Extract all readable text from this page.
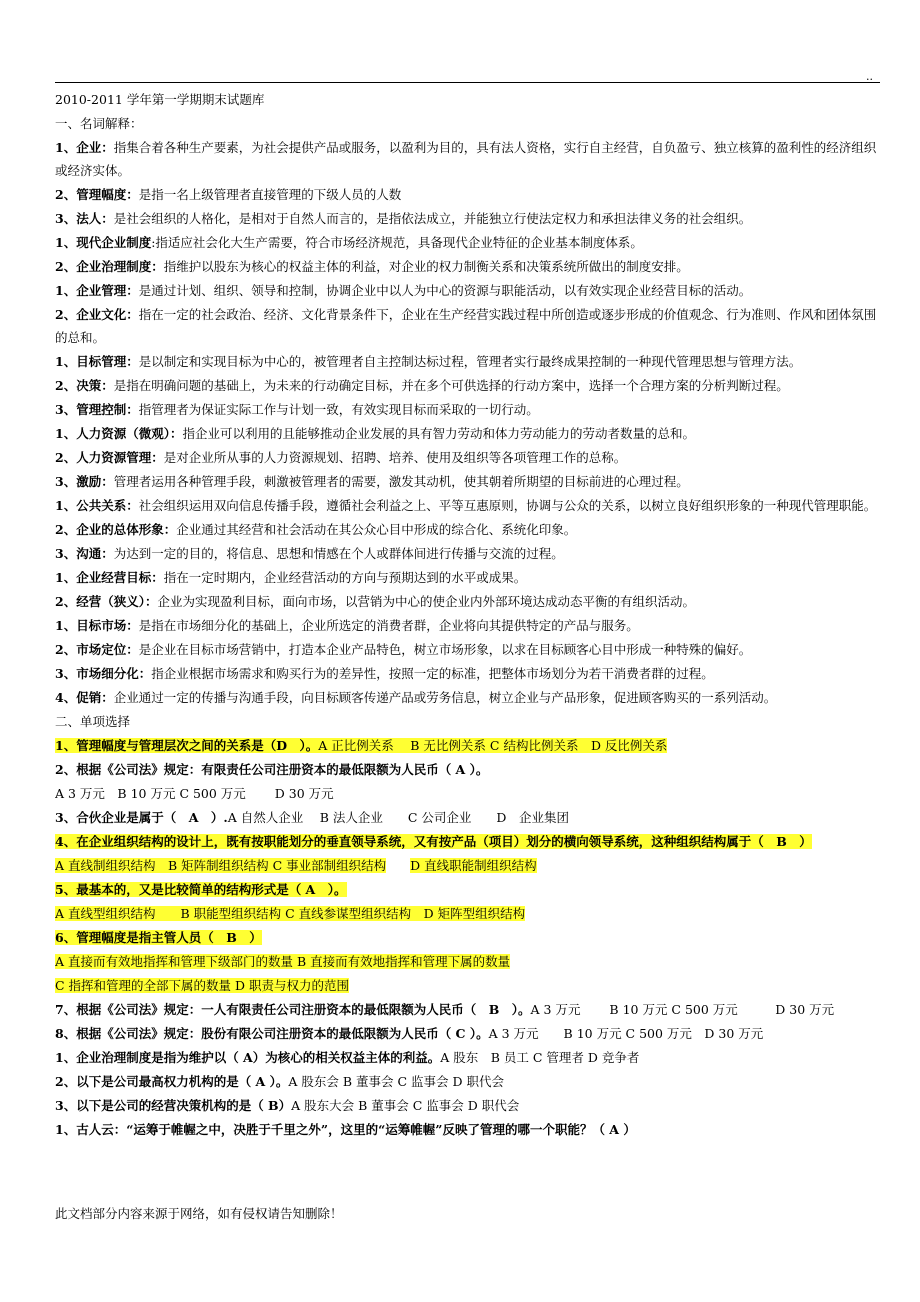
..
2010-2011 学年第一学期期末试题库
一、名词解释：
1、企业：指集合着各种生产要素，为社会提供产品或服务，以盈利为目的，具有法人资格，实行自主经营，自负盈亏、独立核算的盈利性的经济组织或经济实体。
2、管理幅度：是指一名上级管理者直接管理的下级人员的人数
3、法人：是社会组织的人格化，是相对于自然人而言的，是指依法成立，并能独立行使法定权力和承担法律义务的社会组织。
1、现代企业制度:指适应社会化大生产需要，符合市场经济规范，具备现代企业特征的企业基本制度体系。
2、企业治理制度：指维护以股东为核心的权益主体的利益，对企业的权力制衡关系和决策系统所做出的制度安排。
1、企业管理：是通过计划、组织、领导和控制，协调企业中以人为中心的资源与职能活动，以有效实现企业经营目标的活动。
2、企业文化：指在一定的社会政治、经济、文化背景条件下，企业在生产经营实践过程中所创造或逐步形成的价值观念、行为准则、作风和团体氛围的总和。
1、目标管理：是以制定和实现目标为中心的，被管理者自主控制达标过程，管理者实行最终成果控制的一种现代管理思想与管理方法。
2、决策：是指在明确问题的基础上，为未来的行动确定目标，并在多个可供选择的行动方案中，选择一个合理方案的分析判断过程。
3、管理控制：指管理者为保证实际工作与计划一致，有效实现目标而采取的一切行动。
1、人力资源（微观）：指企业可以利用的且能够推动企业发展的具有智力劳动和体力劳动能力的劳动者数量的总和。
2、人力资源管理：是对企业所从事的人力资源规划、招聘、培养、使用及组织等各项管理工作的总称。
3、激励：管理者运用各种管理手段，刺激被管理者的需要，激发其动机，使其朝着所期望的目标前进的心理过程。
1、公共关系：社会组织运用双向信息传播手段，遵循社会利益之上、平等互惠原则，协调与公众的关系，以树立良好组织形象的一种现代管理职能。
2、企业的总体形象：企业通过其经营和社会活动在其公众心目中形成的综合化、系统化印象。
3、沟通：为达到一定的目的，将信息、思想和情感在个人或群体间进行传播与交流的过程。
1、企业经营目标：指在一定时期内，企业经营活动的方向与预期达到的水平或成果。
2、经营（狭义）：企业为实现盈利目标，面向市场，以营销为中心的使企业内外部环境达成动态平衡的有组织活动。
1、目标市场：是指在市场细分化的基础上，企业所选定的消费者群，企业将向其提供特定的产品与服务。
2、市场定位：是企业在目标市场营销中，打造本企业产品特色，树立市场形象，以求在目标顾客心目中形成一种特殊的偏好。
3、市场细分化：指企业根据市场需求和购买行为的差异性，按照一定的标准，把整体市场划分为若干消费者群的过程。
4、促销：企业通过一定的传播与沟通手段，向目标顾客传递产品或劳务信息，树立企业与产品形象，促进顾客购买的一系列活动。
二、单项选择
1、管理幅度与管理层次之间的关系是（D　）。A 正比例关系　 B 无比例关系 C 结构比例关系　D 反比例关系
2、根据《公司法》规定：有限责任公司注册资本的最低限额为人民币（ A ）。
A 3 万元　B 10 万元 C 500 万元　　 D 30 万元
3、合伙企业是属于（　A　）.A 自然人企业　 B 法人企业　　C 公司企业　　D　企业集团
4、在企业组织结构的设计上，既有按职能划分的垂直领导系统，又有按产品（项目）划分的横向领导系统，这种组织结构属于（　B　）
A 直线制组织结构　B 矩阵制组织结构 C 事业部制组织结构 D 直线职能制组织结构
5、最基本的，又是比较简单的结构形式是（ A　）。
A 直线型组织结构　　B 职能型组织结构 C 直线参谋型组织结构　D 矩阵型组织结构
6、管理幅度是指主管人员（　B　）
A 直接而有效地指挥和管理下级部门的数量 B 直接而有效地指挥和管理下属的数量
C 指挥和管理的全部下属的数量 D 职责与权力的范围
7、根据《公司法》规定：一人有限责任公司注册资本的最低限额为人民币（　B　）。A 3 万元　　 B 10 万元 C 500 万元　　　D 30 万元
8、根据《公司法》规定：股份有限公司注册资本的最低限额为人民币（ C ）。A 3 万元　　B 10 万元 C 500 万元　D 30 万元
1、企业治理制度是指为维护以（ A）为核心的相关权益主体的利益。A 股东　B 员工 C 管理者 D 竞争者
2、以下是公司最高权力机构的是（ A ）。A 股东会 B 董事会 C 监事会 D 职代会
3、以下是公司的经营决策机构的是（ B）A 股东大会 B 董事会 C 监事会 D 职代会
1、古人云：“运筹于帷幄之中，决胜于千里之外”，这里的“运筹帷幄”反映了管理的哪一个职能？（ A ）
此文档部分内容来源于网络，如有侵权请告知删除！
